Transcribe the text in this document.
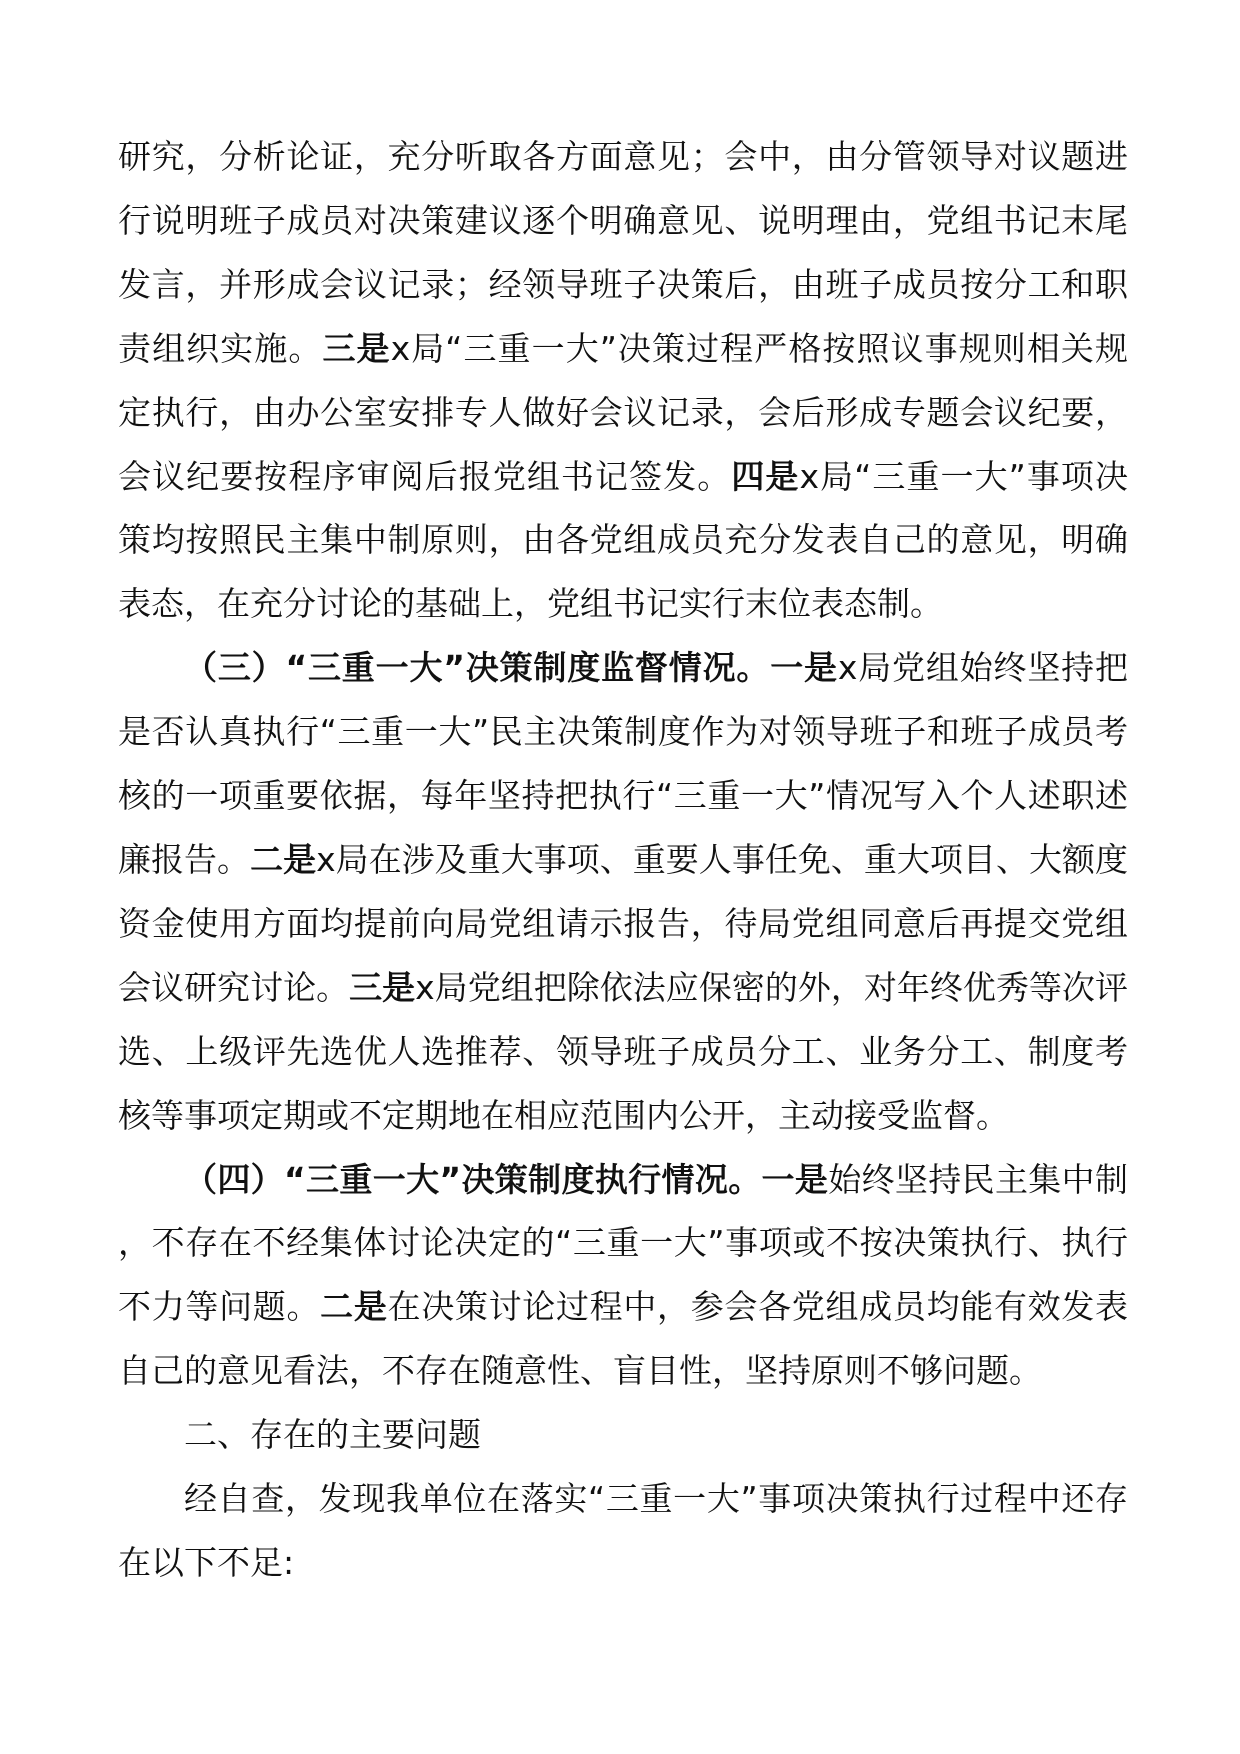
研究，分析论证，充分听取各方面意见；会中，由分管领导对议题进行说明班子成员对决策建议逐个明确意见、说明理由，党组书记末尾发言，并形成会议记录；经领导班子决策后，由班子成员按分工和职责组织实施。三是x局“三重一大”决策过程严格按照议事规则相关规定执行，由办公室安排专人做好会议记录，会后形成专题会议纪要，会议纪要按程序审阅后报党组书记签发。四是x局“三重一大”事项决策均按照民主集中制原则，由各党组成员充分发表自己的意见，明确表态，在充分讨论的基础上，党组书记实行末位表态制。

（三）“三重一大”决策制度监督情况。一是x局党组始终坚持把是否认真执行“三重一大”民主决策制度作为对领导班子和班子成员考核的一项重要依据，每年坚持把执行“三重一大”情况写入个人述职述廉报告。二是x局在涉及重大事项、重要人事任免、重大项目、大额度资金使用方面均提前向局党组请示报告，待局党组同意后再提交党组会议研究讨论。三是x局党组把除依法应保密的外，对年终优秀等次评选、上级评先选优人选推荐、领导班子成员分工、业务分工、制度考核等事项定期或不定期地在相应范围内公开，主动接受监督。

（四）“三重一大”决策制度执行情况。一是始终坚持民主集中制，不存在不经集体讨论决定的“三重一大”事项或不按决策执行、执行不力等问题。二是在决策讨论过程中，参会各党组成员均能有效发表自己的意见看法，不存在随意性、盲目性，坚持原则不够问题。

二、存在的主要问题

经自查，发现我单位在落实“三重一大”事项决策执行过程中还存在以下不足:
